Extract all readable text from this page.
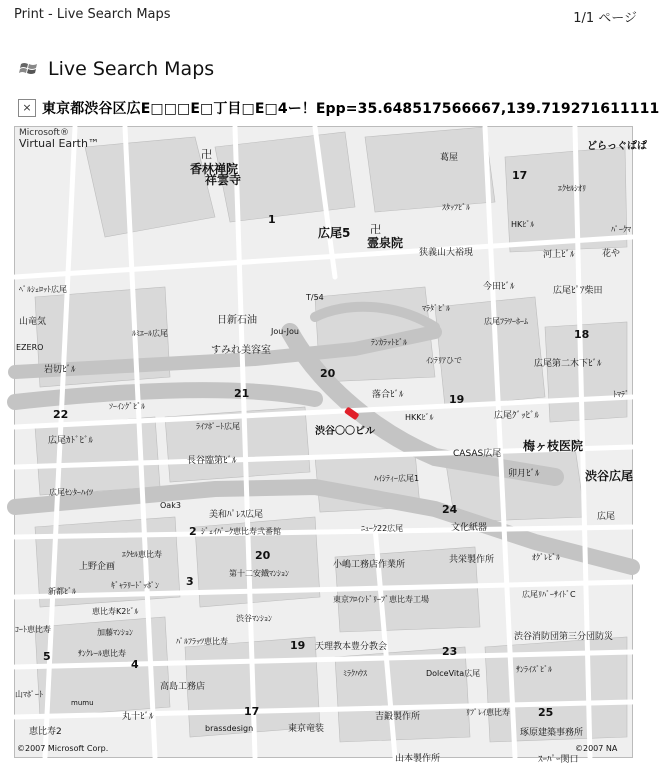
Print - Live Search Maps	1/1 ページ
Live Search Maps
× 東京都渋谷区広E□□□E□丁目□E□4ー！Epp=35.648517566667,139.719271611111
卍
香林禅院
祥雲寺
葛屋
17
ｴｸｾﾙｼｵﾘ
どらっぐぱぱ
ｽﾀｯﾌﾋﾞﾙ
HKﾋﾞﾙ
ﾊﾟｰｸﾏ
1
広尾5 卍
霊泉院
狭義山大裕現	河上ﾋﾞﾙ	花や
今田ﾋﾞﾙ	広尾ﾋﾟｱ柴田
ﾍﾟﾙｼｪﾛｯﾄ広尾
T/54
ﾏﾗﾀﾞﾋﾞﾙ
広尾ﾌﾗﾜｰﾎｰﾑ
山竜気	日新石油
ﾙﾐｴｰﾙ広尾	Jou-Jou	18
ﾃﾝｶﾗｯﾄﾋﾞﾙ
EZERO	すみれ美容室
ｲﾝﾃﾘｱひで	広尾第二木下ﾋﾞﾙ
岩切ﾋﾞﾙ	20
ﾄﾏﾃﾞ
21	落合ﾋﾞﾙ	19
ｿｰｲﾝｸﾞﾋﾞﾙ
22	HKKﾋﾞﾙ	広尾ｸﾞｯﾋﾞﾙ
ﾗｲﾌﾎﾟｰﾄ広尾
広尾ｶﾄﾞﾋﾞﾙ	梅ヶ枝医院
CASAS広尾
長谷臨第ﾋﾞﾙ
卯月ﾋﾞﾙ	渋谷広尾
ﾊｲｼﾃｨｰ広尾1
広尾ｾﾝﾀｰﾊｲﾂ
Oak3	24
美和ﾊﾟﾚｽ広尾	広尾
文化紙器
2 ｼﾞｪｲﾊﾟｰｸ恵比寿弐番館	ﾆｭｰｸ22広尾
20
ｴｸｾﾙ恵比寿
共栄製作所	ｵｸﾞﾚﾋﾞﾙ
上野企画	小嶋工務店作業所
第十二安鐡ﾏﾝｼｮﾝ
3
ｷﾞｬﾗﾘｰﾄﾞｯﾎﾟﾝ
新都ﾋﾞﾙ
東京ﾌﾛｲﾝﾄﾞﾘｰﾌﾞ恵比寿工場
広尾ﾘﾊﾞｰｻｲﾄﾞC
恵比寿K2ﾋﾞﾙ
渋谷ﾏﾝｼｮﾝ
ｺｰﾄ恵比寿	加藤ﾏﾝｼｮﾝ
ﾊﾟﾙﾌﾗｯﾂ恵比寿	19 天理教本豊分教会
渋谷消防団第三分団防災
23
5	ｻﾝｸﾚｰﾙ恵比寿
4	ｻﾝﾗｲｽﾞﾋﾞﾙ
ﾐﾗｸﾊｳｽ	DolceVita広尾
高島工務店
山ﾏﾎﾟｰﾄ
mumu
17	吉鍛製作所	ﾘﾌﾟﾚｲ恵比寿	25
丸十ﾋﾞﾙ
恵比寿2	brassdesign	東京竜装	琢原建築事務所
山本製作所	ｽｰﾊﾟｰ関口
渋谷〇〇ビル
©2007 Microsoft Corp.	©2007 NA
Microsoft®
Virtual Earth™
